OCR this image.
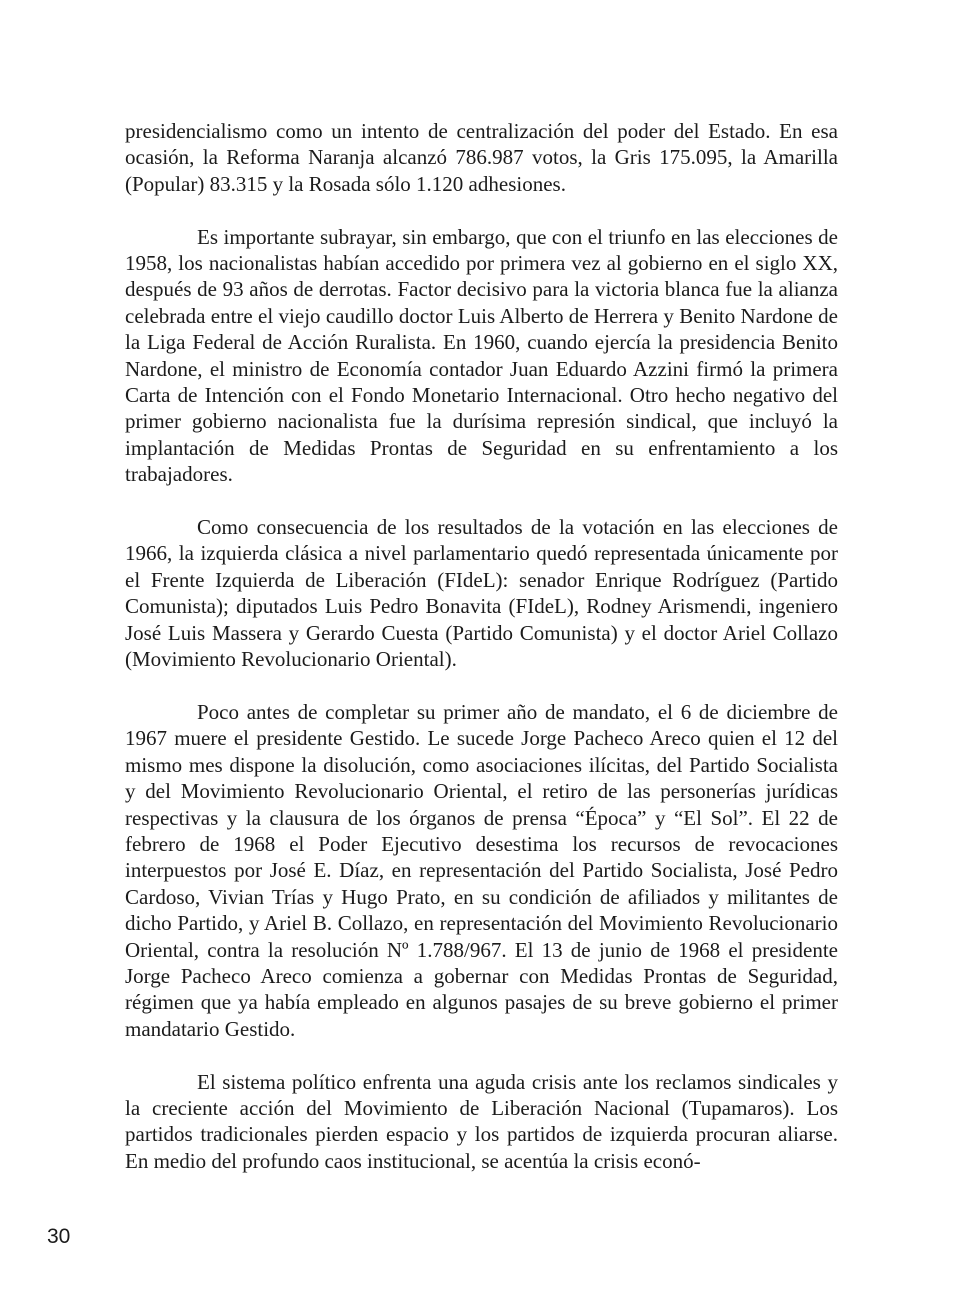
presidencialismo como un intento de centralización del poder del Estado. En esa ocasión, la Reforma Naranja alcanzó 786.987 votos, la Gris 175.095, la Amarilla (Popular) 83.315 y la Rosada sólo 1.120 adhesiones.

Es importante subrayar, sin embargo, que con el triunfo en las elecciones de 1958, los nacionalistas habían accedido por primera vez al gobierno en el siglo XX, después de 93 años de derrotas. Factor decisivo para la victoria blanca fue la alianza celebrada entre el viejo caudillo doctor Luis Alberto de Herrera y Benito Nardone de la Liga Federal de Acción Ruralista. En 1960, cuando ejercía la presidencia Benito Nardone, el ministro de Economía contador Juan Eduardo Azzini firmó la primera Carta de Intención con el Fondo Monetario Internacional. Otro hecho negativo del primer gobierno nacionalista fue la durísima represión sindical, que incluyó la implantación de Medidas Prontas de Seguridad en su enfrentamiento a los trabajadores.

Como consecuencia de los resultados de la votación en las elecciones de 1966, la izquierda clásica a nivel parlamentario quedó representada únicamente por el Frente Izquierda de Liberación (FIdeL): senador Enrique Rodríguez (Partido Comunista); diputados Luis Pedro Bonavita (FIdeL), Rodney Arismendi, ingeniero José Luis Massera y Gerardo Cuesta (Partido Comunista) y el doctor Ariel Collazo (Movimiento Revolucionario Oriental).

Poco antes de completar su primer año de mandato, el 6 de diciembre de 1967 muere el presidente Gestido. Le sucede Jorge Pacheco Areco quien el 12 del mismo mes dispone la disolución, como asociaciones ilícitas, del Partido Socialista y del Movimiento Revolucionario Oriental, el retiro de las personerías jurídicas respectivas y la clausura de los órganos de prensa “Época” y “El Sol”. El 22 de febrero de 1968 el Poder Ejecutivo desestima los recursos de revocaciones interpuestos por José E. Díaz, en representación del Partido Socialista, José Pedro Cardoso, Vivian Trías y Hugo Prato, en su condición de afiliados y militantes de dicho Partido, y Ariel B. Collazo, en representación del Movimiento Revolucionario Oriental, contra la resolución Nº 1.788/967. El 13 de junio de 1968 el presidente Jorge Pacheco Areco comienza a gobernar con Medidas Prontas de Seguridad, régimen que ya había empleado en algunos pasajes de su breve gobierno el primer mandatario Gestido.

El sistema político enfrenta una aguda crisis ante los reclamos sindicales y la creciente acción del Movimiento de Liberación Nacional (Tupamaros). Los partidos tradicionales pierden espacio y los partidos de izquierda procuran aliarse. En medio del profundo caos institucional, se acentúa la crisis econó-

30
